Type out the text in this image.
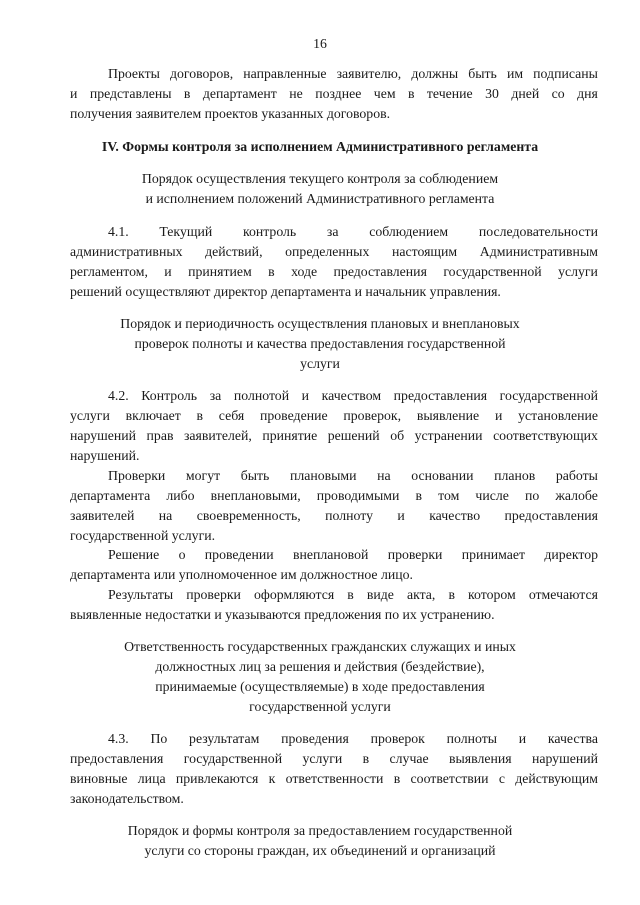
16
Проекты договоров, направленные заявителю, должны быть им подписаны
и представлены в департамент не позднее чем в течение 30 дней со дня
получения заявителем проектов указанных договоров.
IV. Формы контроля за исполнением Административного регламента
Порядок осуществления текущего контроля за соблюдением
и исполнением положений Административного регламента
4.1. Текущий контроль за соблюдением последовательности
административных действий, определенных настоящим Административным
регламентом, и принятием в ходе предоставления государственной услуги
решений осуществляют директор департамента и начальник управления.
Порядок и периодичность осуществления плановых и внеплановых
проверок полноты и качества предоставления государственной
услуги
4.2. Контроль за полнотой и качеством предоставления государственной
услуги включает в себя проведение проверок, выявление и установление
нарушений прав заявителей, принятие решений об устранении соответствующих
нарушений.
Проверки могут быть плановыми на основании планов работы
департамента либо внеплановыми, проводимыми в том числе по жалобе
заявителей на своевременность, полноту и качество предоставления
государственной услуги.
Решение о проведении внеплановой проверки принимает директор
департамента или уполномоченное им должностное лицо.
Результаты проверки оформляются в виде акта, в котором отмечаются
выявленные недостатки и указываются предложения по их устранению.
Ответственность государственных гражданских служащих и иных
должностных лиц за решения и действия (бездействие),
принимаемые (осуществляемые) в ходе предоставления
государственной услуги
4.3. По результатам проведения проверок полноты и качества
предоставления государственной услуги в случае выявления нарушений
виновные лица привлекаются к ответственности в соответствии с действующим
законодательством.
Порядок и формы контроля за предоставлением государственной
услуги со стороны граждан, их объединений и организаций
